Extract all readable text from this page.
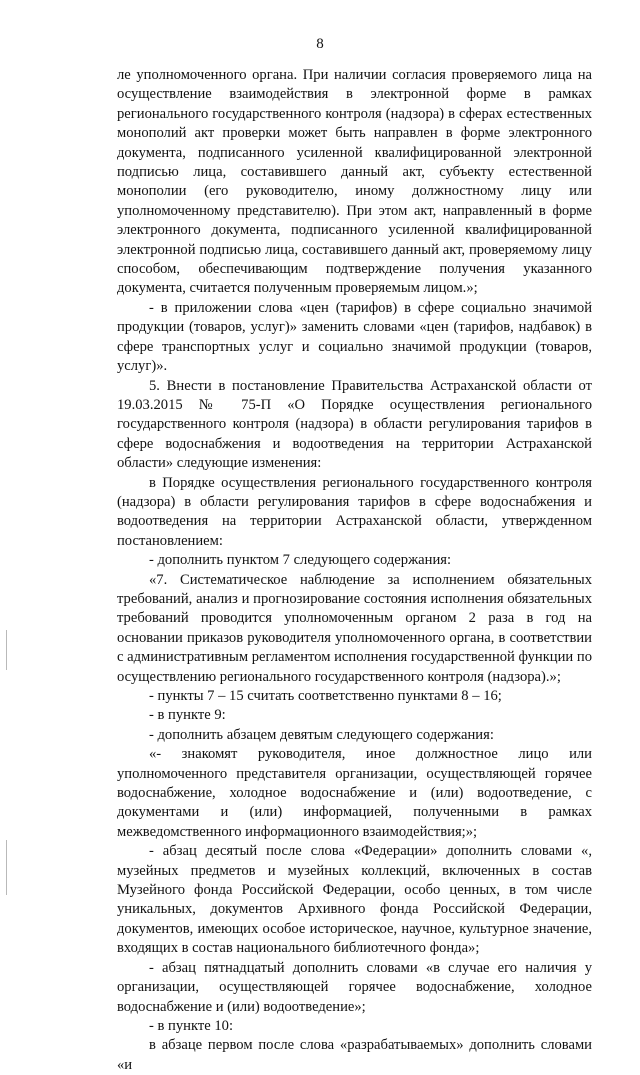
8

ле уполномоченного органа. При наличии согласия проверяемого лица на осуществление взаимодействия в электронной форме в рамках регионального государственного контроля (надзора) в сферах естественных монополий акт проверки может быть направлен в форме электронного документа, подписанного усиленной квалифицированной электронной подписью лица, составившего данный акт, субъекту естественной монополии (его руководителю, иному должностному лицу или уполномоченному представителю). При этом акт, направленный в форме электронного документа, подписанного усиленной квалифицированной электронной подписью лица, составившего данный акт, проверяемому лицу способом, обеспечивающим подтверждение получения указанного документа, считается полученным проверяемым лицом.»;

- в приложении слова «цен (тарифов) в сфере социально значимой продукции (товаров, услуг)» заменить словами «цен (тарифов, надбавок) в сфере транспортных услуг и социально значимой продукции (товаров, услуг)».

5. Внести в постановление Правительства Астраханской области от 19.03.2015 № 75-П «О Порядке осуществления регионального государственного контроля (надзора) в области регулирования тарифов в сфере водоснабжения и водоотведения на территории Астраханской области» следующие изменения:

в Порядке осуществления регионального государственного контроля (надзора) в области регулирования тарифов в сфере водоснабжения и водоотведения на территории Астраханской области, утвержденном постановлением:

- дополнить пунктом 7 следующего содержания:

«7. Систематическое наблюдение за исполнением обязательных требований, анализ и прогнозирование состояния исполнения обязательных требований проводится уполномоченным органом 2 раза в год на основании приказов руководителя уполномоченного органа, в соответствии с административным регламентом исполнения государственной функции по осуществлению регионального государственного контроля (надзора).»;

- пункты 7 – 15 считать соответственно пунктами 8 – 16;

- в пункте 9:

- дополнить абзацем девятым следующего содержания:

«- знакомят руководителя, иное должностное лицо или уполномоченного представителя организации, осуществляющей горячее водоснабжение, холодное водоснабжение и (или) водоотведение, с документами и (или) информацией, полученными в рамках межведомственного информационного взаимодействия;»;

- абзац десятый после слова «Федерации» дополнить словами «, музейных предметов и музейных коллекций, включенных в состав Музейного фонда Российской Федерации, особо ценных, в том числе уникальных, документов Архивного фонда Российской Федерации, документов, имеющих особое историческое, научное, культурное значение, входящих в состав национального библиотечного фонда»;

- абзац пятнадцатый дополнить словами «в случае его наличия у организации, осуществляющей горячее водоснабжение, холодное водоснабжение и (или) водоотведение»;

- в пункте 10:

в абзаце первом после слова «разрабатываемых» дополнить словами «и
